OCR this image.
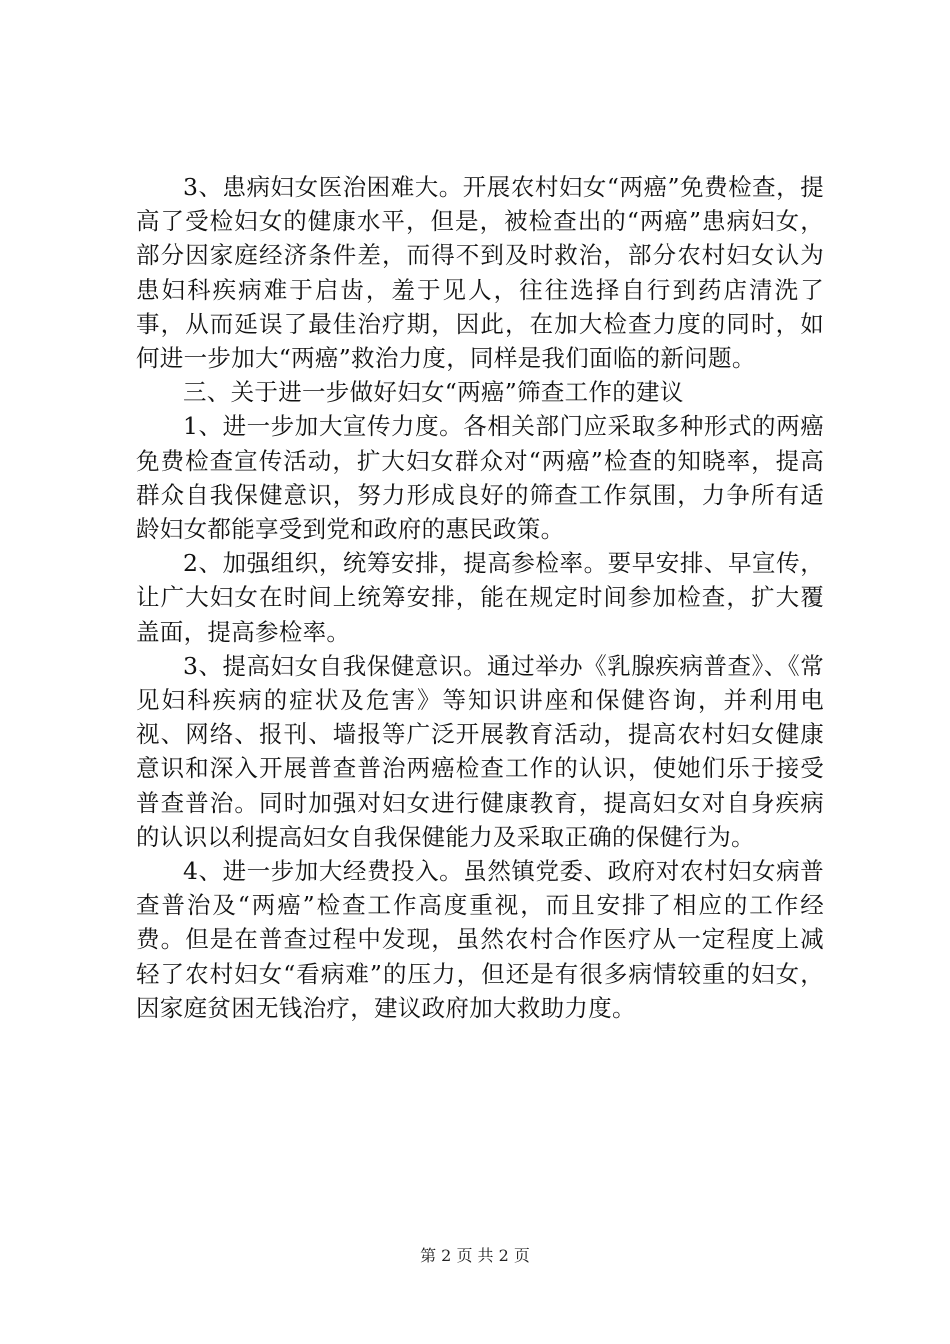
3、患病妇女医治困难大。开展农村妇女“两癌”免费检查，提高了受检妇女的健康水平，但是，被检查出的“两癌”患病妇女，部分因家庭经济条件差，而得不到及时救治，部分农村妇女认为患妇科疾病难于启齿，羞于见人，往往选择自行到药店清洗了事，从而延误了最佳治疗期，因此，在加大检查力度的同时，如何进一步加大“两癌”救治力度，同样是我们面临的新问题。

三、关于进一步做好妇女“两癌”筛查工作的建议

1、进一步加大宣传力度。各相关部门应采取多种形式的两癌免费检查宣传活动，扩大妇女群众对“两癌”检查的知晓率，提高群众自我保健意识，努力形成良好的筛查工作氛围，力争所有适龄妇女都能享受到党和政府的惠民政策。

2、加强组织，统筹安排，提高参检率。要早安排、早宣传，让广大妇女在时间上统筹安排，能在规定时间参加检查，扩大覆盖面，提高参检率。

3、提高妇女自我保健意识。通过举办《乳腺疾病普查》、《常见妇科疾病的症状及危害》等知识讲座和保健咨询，并利用电视、网络、报刊、墙报等广泛开展教育活动，提高农村妇女健康意识和深入开展普查普治两癌检查工作的认识，使她们乐于接受普查普治。同时加强对妇女进行健康教育，提高妇女对自身疾病的认识以利提高妇女自我保健能力及采取正确的保健行为。

4、进一步加大经费投入。虽然镇党委、政府对农村妇女病普查普治及“两癌”检查工作高度重视，而且安排了相应的工作经费。但是在普查过程中发现，虽然农村合作医疗从一定程度上减轻了农村妇女“看病难”的压力，但还是有很多病情较重的妇女，因家庭贫困无钱治疗，建议政府加大救助力度。

第 2 页 共 2 页
